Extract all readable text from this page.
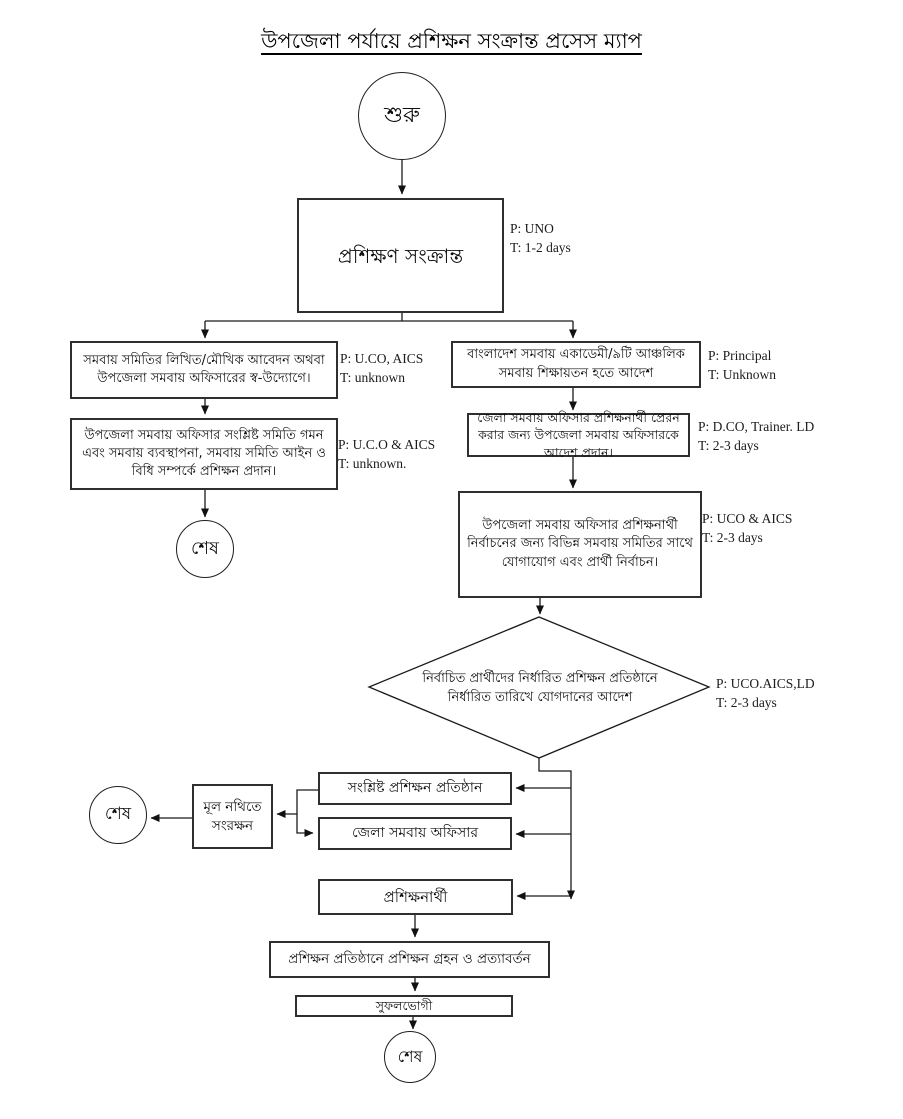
উপজেলা পর্যায়ে প্রশিক্ষন সংক্রান্ত প্রসেস ম্যাপ
শুরু
শেষ
শেষ
শেষ
প্রশিক্ষণ সংক্রান্ত
সমবায় সমিতির লিখিত/মৌখিক আবেদন অথবা উপজেলা সমবায় অফিসারের স্ব-উদ্যোগে।
উপজেলা সমবায় অফিসার সংশ্লিষ্ট সমিতি গমন এবং সমবায় ব্যবস্থাপনা, সমবায় সমিতি আইন ও বিধি সম্পর্কে প্রশিক্ষন প্রদান।
বাংলাদেশ সমবায় একাডেমী/৯টি আঞ্চলিক সমবায় শিক্ষায়তন হতে আদেশ
জেলা সমবায় অফিসার প্রশিক্ষনার্থী প্রেরন করার জন্য উপজেলা সমবায় অফিসারকে আদেশ প্রদান।
উপজেলা সমবায় অফিসার প্রশিক্ষনার্থী নির্বাচনের জন্য বিভিন্ন সমবায় সমিতির সাথে যোগাযোগ এবং প্রার্থী নির্বাচন।
নির্বাচিত প্রার্থীদের নির্ধারিত প্রশিক্ষন প্রতিষ্ঠানে নির্ধারিত তারিখে যোগদানের আদেশ
সংশ্লিষ্ট প্রশিক্ষন প্রতিষ্ঠান
জেলা সমবায় অফিসার
মূল নথিতে সংরক্ষন
প্রশিক্ষনার্থী
প্রশিক্ষন প্রতিষ্ঠানে প্রশিক্ষন গ্রহন ও প্রত্যাবর্তন
সুফলভোগী
P: UNO
T: 1-2 days
P: U.CO, AICS
T: unknown
P: Principal
T: Unknown
P: U.C.O & AICS
T: unknown.
P: D.CO, Trainer. LD
T: 2-3 days
P: UCO & AICS
T: 2-3 days
P: UCO.AICS,LD
T: 2-3 days
